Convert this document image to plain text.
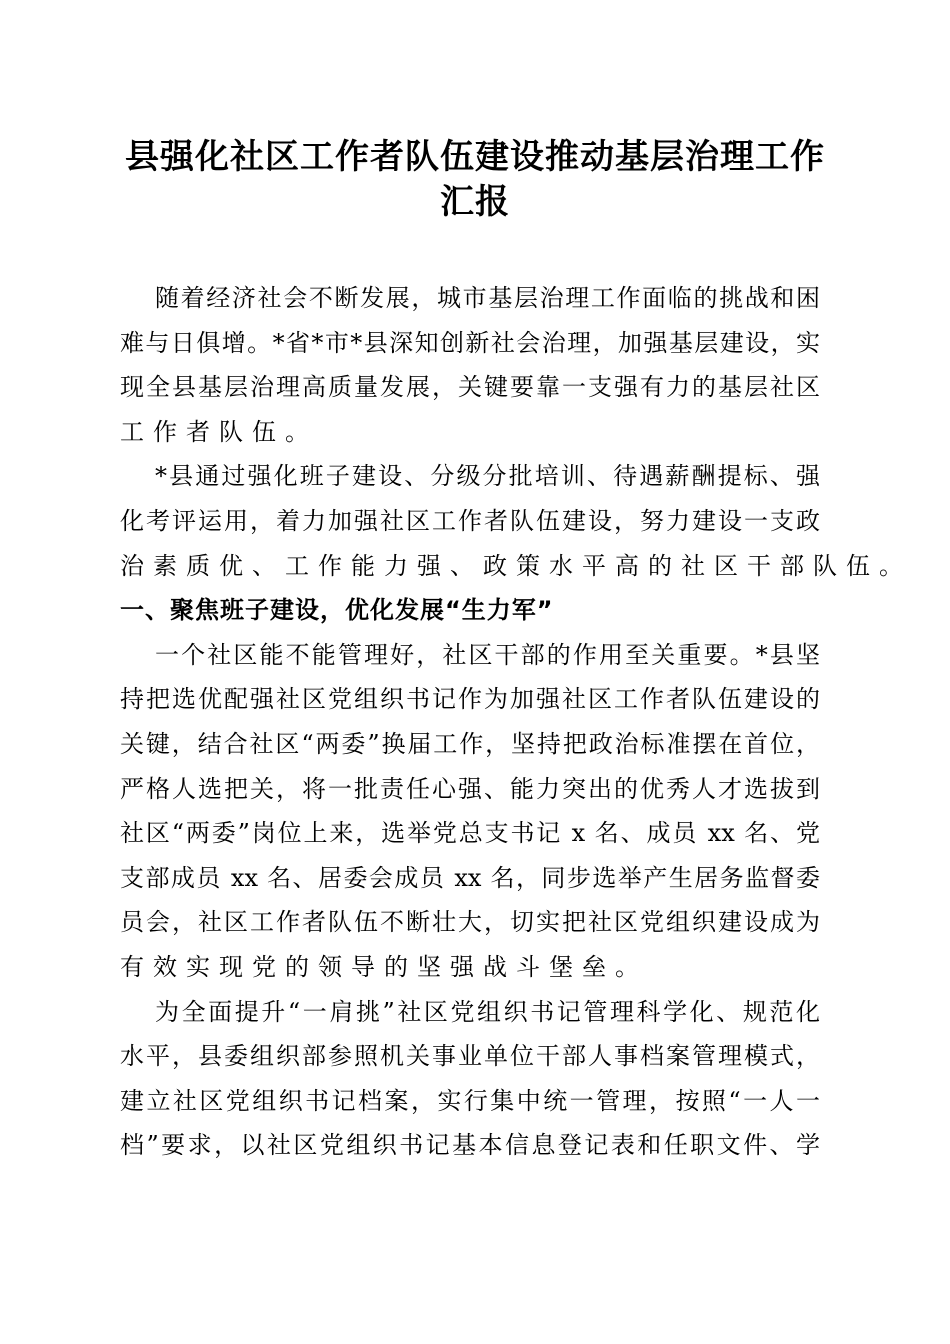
县强化社区工作者队伍建设推动基层治理工作
汇报
随着经济社会不断发展，城市基层治理工作面临的挑战和困
难与日俱增。*省*市*县深知创新社会治理，加强基层建设，实
现全县基层治理高质量发展，关键要靠一支强有力的基层社区
工作者队伍。
*县通过强化班子建设、分级分批培训、待遇薪酬提标、强
化考评运用，着力加强社区工作者队伍建设，努力建设一支政
治素质优、工作能力强、政策水平高的社区干部队伍。
一、聚焦班子建设，优化发展“生力军”
一个社区能不能管理好，社区干部的作用至关重要。*县坚
持把选优配强社区党组织书记作为加强社区工作者队伍建设的
关键，结合社区“两委”换届工作，坚持把政治标准摆在首位，
严格人选把关，将一批责任心强、能力突出的优秀人才选拔到
社区“两委”岗位上来，选举党总支书记 x 名、成员 xx 名、党
支部成员 xx 名、居委会成员 xx 名，同步选举产生居务监督委
员会，社区工作者队伍不断壮大，切实把社区党组织建设成为
有效实现党的领导的坚强战斗堡垒。
为全面提升“一肩挑”社区党组织书记管理科学化、规范化
水平，县委组织部参照机关事业单位干部人事档案管理模式，
建立社区党组织书记档案，实行集中统一管理，按照“一人一
档”要求，以社区党组织书记基本信息登记表和任职文件、学
